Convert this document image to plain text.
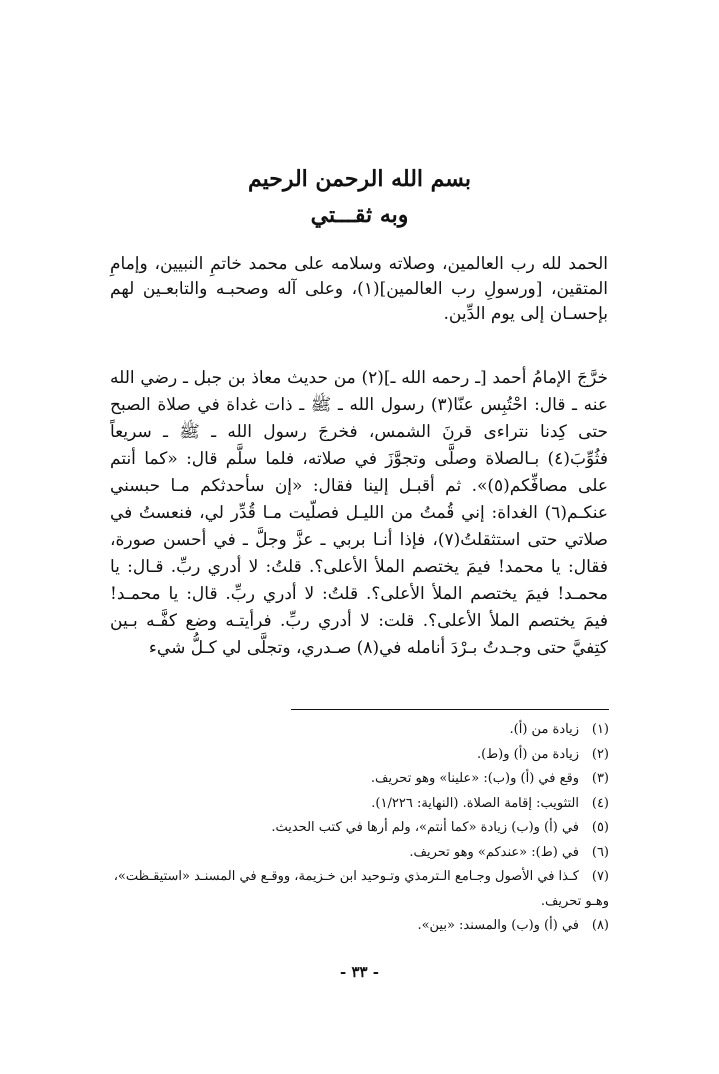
بسم الله الرحمن الرحيم
وبه ثقـــتي

الحمد لله رب العالمين، وصلاته وسلامه على محمد خاتمِ النبيين، وإمامِ المتقين، [ورسولِ رب العالمين](١)، وعلى آله وصحبـه والتابعـين لهم بإحسـان إلى يوم الدِّين.

خرَّجَ الإمامُ أحمد [ـ رحمه الله ـ](٢) من حديث معاذ بن جبل ـ رضي الله عنه ـ قال: احْتُبِس عنّا(٣) رسول الله ـ ﷺ ـ ذات غداة في صلاة الصبح حتى كِدنا نتراءى قرنَ الشمس، فخرجَ رسول الله ـ ﷺ ـ سريعاً فثُوِّبَ(٤) بـالصلاة وصلَّى وتجوَّزَ في صلاته، فلما سلَّم قال: «كما أنتم على مصافِّكم(٥)». ثم أقبـل إلينا فقال: «إن سأحدثكم مـا حبسني عنكـم(٦) الغداة: إني قُمتُ من الليـل فصلّيت مـا قُدِّر لي، فنعستُ في صلاتي حتى استثقلتُ(٧)، فإذا أنـا بربي ـ عزَّ وجلَّ ـ في أحسن صورة، فقال: يا محمد! فيمَ يختصم الملأ الأعلى؟. قلتُ: لا أدري ربِّ. قـال: يا محمـد! فيمَ يختصم الملأ الأعلى؟. قلتُ: لا أدري ربِّ. قال: يا محمـد! فيمَ يختصم الملأ الأعلى؟. قلت: لا أدري ربِّ. فرأيتـه وضع كفَّـه بـين كتِفيَّ حتى وجـدتُ بـرْدَ أنامله في(٨) صـدري، وتجلَّى لي كـلُّ شيء

(١)زيادة من (أ).
(٢)زيادة من (أ) و(ط).
(٣)وقع في (أ) و(ب): «علينا» وهو تحريف.
(٤)التثويب: إقامة الصلاة. (النهاية: ١/٢٢٦).
(٥)في (أ) و(ب) زيادة «كما أنتم»، ولم أرها في كتب الحديث.
(٦)في (ط): «عندكم» وهو تحريف.
(٧)كـذا في الأصول وجـامع الـترمذي وتـوحيد ابن خـزيمة، ووقـع في المسنـد «استيقـظت»، وهـو تحريف.
(٨)في (أ) و(ب) والمسند: «بين».
- ٣٣ -
